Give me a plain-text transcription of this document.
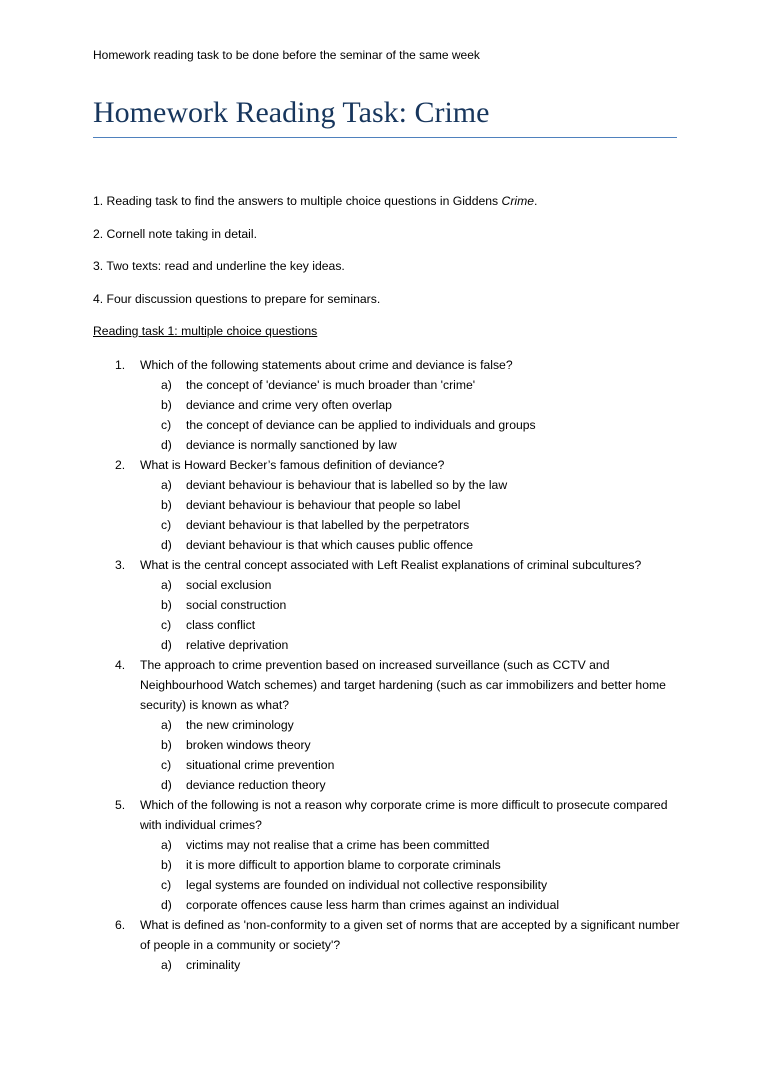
Homework reading task to be done before the seminar of the same week
Homework Reading Task: Crime
1. Reading task to find the answers to multiple choice questions in Giddens Crime.
2. Cornell note taking in detail.
3. Two texts: read and underline the key ideas.
4. Four discussion questions to prepare for seminars.
Reading task 1: multiple choice questions
1. Which of the following statements about crime and deviance is false?
a) the concept of 'deviance' is much broader than 'crime'
b) deviance and crime very often overlap
c) the concept of deviance can be applied to individuals and groups
d) deviance is normally sanctioned by law
2. What is Howard Becker’s famous definition of deviance?
a) deviant behaviour is behaviour that is labelled so by the law
b) deviant behaviour is behaviour that people so label
c) deviant behaviour is that labelled by the perpetrators
d) deviant behaviour is that which causes public offence
3. What is the central concept associated with Left Realist explanations of criminal subcultures?
a) social exclusion
b) social construction
c) class conflict
d) relative deprivation
4. The approach to crime prevention based on increased surveillance (such as CCTV and Neighbourhood Watch schemes) and target hardening (such as car immobilizers and better home security) is known as what?
a) the new criminology
b) broken windows theory
c) situational crime prevention
d) deviance reduction theory
5. Which of the following is not a reason why corporate crime is more difficult to prosecute compared with individual crimes?
a) victims may not realise that a crime has been committed
b) it is more difficult to apportion blame to corporate criminals
c) legal systems are founded on individual not collective responsibility
d) corporate offences cause less harm than crimes against an individual
6. What is defined as 'non-conformity to a given set of norms that are accepted by a significant number of people in a community or society'?
a) criminality
